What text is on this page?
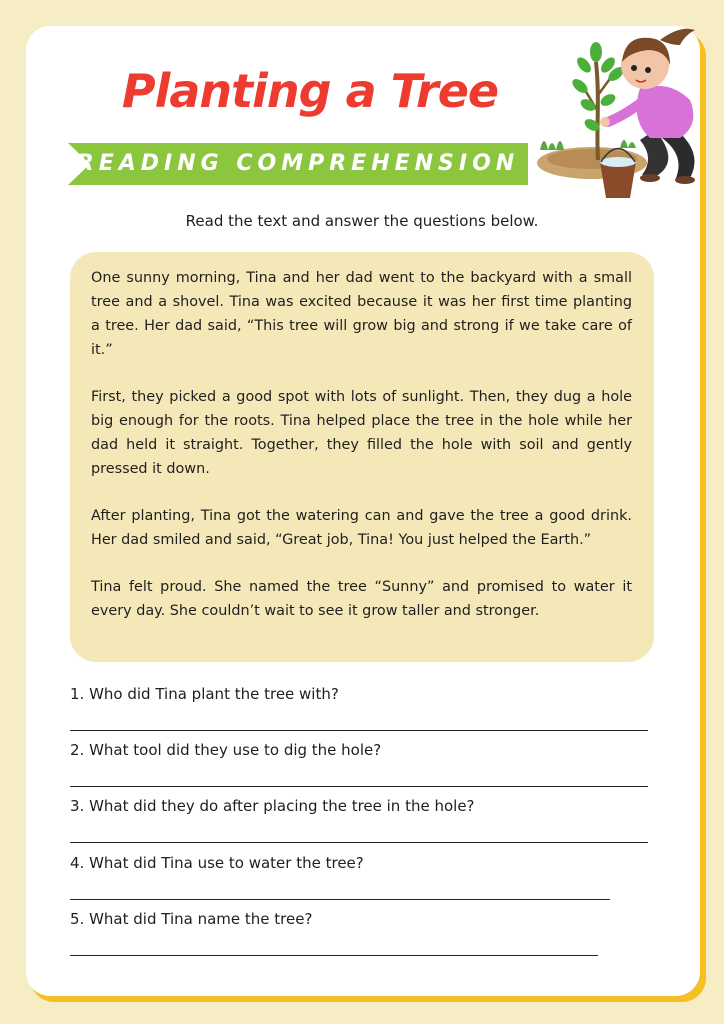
Planting a Tree
READING COMPREHENSION
Read the text and answer the questions below.

One sunny morning, Tina and her dad went to the backyard with a small tree and a shovel. Tina was excited because it was her first time planting a tree. Her dad said, “This tree will grow big and strong if we take care of it.”

First, they picked a good spot with lots of sunlight. Then, they dug a hole big enough for the roots. Tina helped place the tree in the hole while her dad held it straight. Together, they filled the hole with soil and gently pressed it down.

After planting, Tina got the watering can and gave the tree a good drink. Her dad smiled and said, “Great job, Tina! You just helped the Earth.”

Tina felt proud. She named the tree “Sunny” and promised to water it every day. She couldn’t wait to see it grow taller and stronger.

1. Who did Tina plant the tree with?
2. What tool did they use to dig the hole?
3. What did they do after placing the tree in the hole?
4. What did Tina use to water the tree?
5. What did Tina name the tree?
